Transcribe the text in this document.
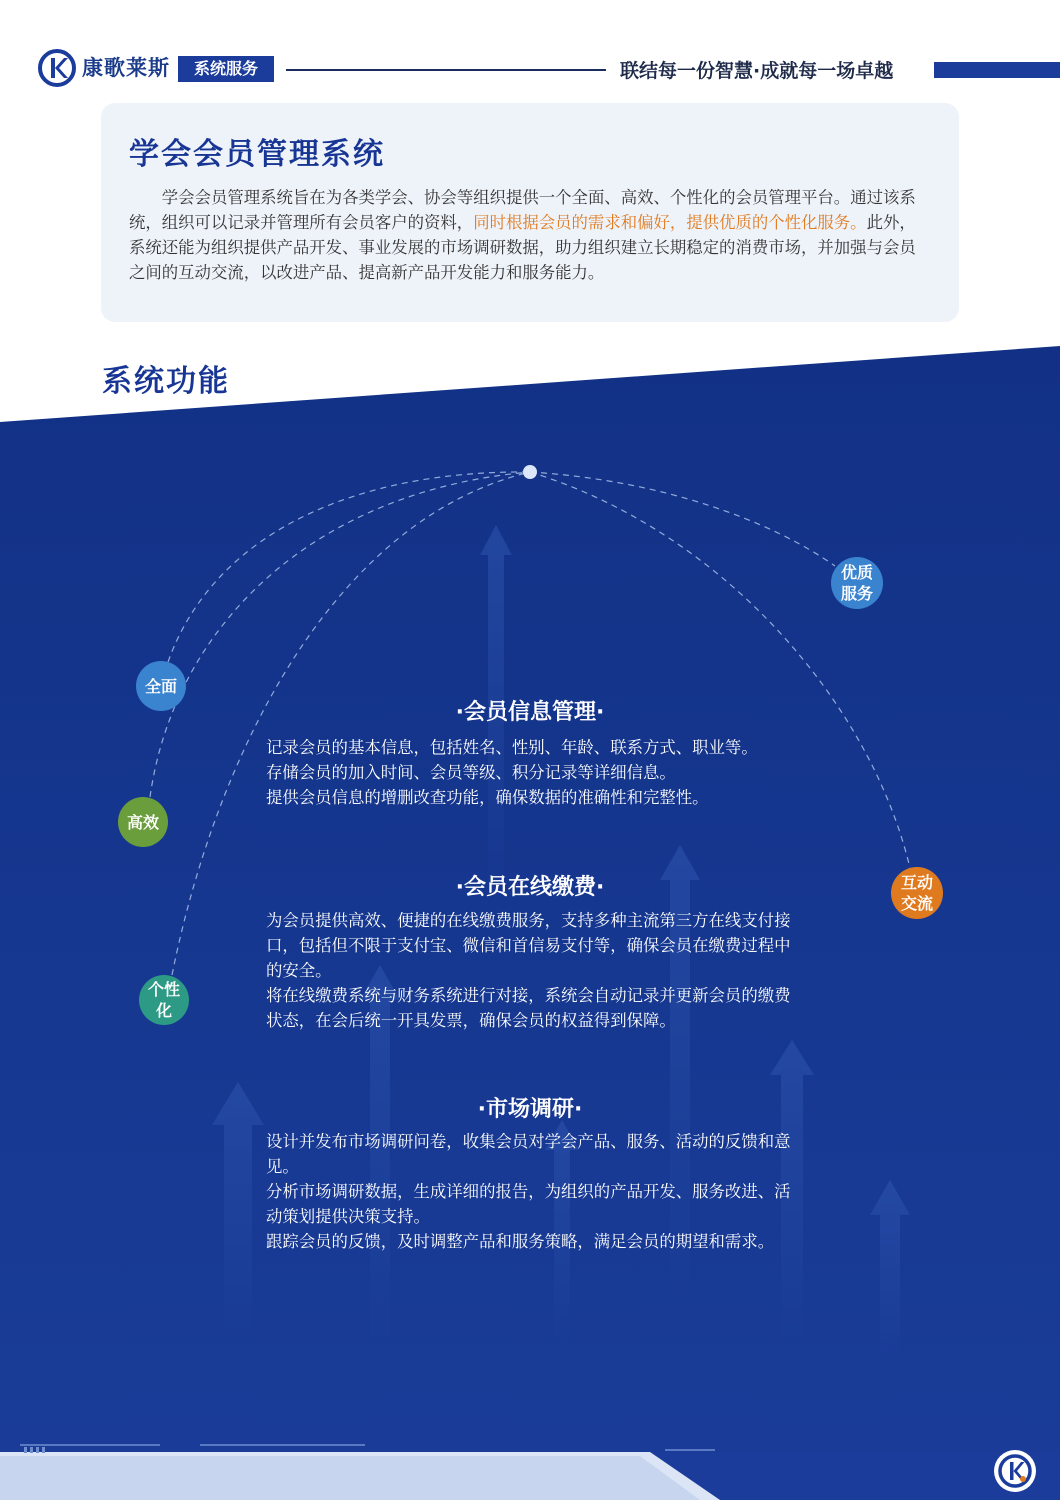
康歌莱斯	系统服务	联结每一份智慧·成就每一场卓越
学会会员管理系统

学会会员管理系统旨在为各类学会、协会等组织提供一个全面、高效、个性化的会员管理平台。通过该系统，组织可以记录并管理所有会员客户的资料，同时根据会员的需求和偏好，提供优质的个性化服务。此外，系统还能为组织提供产品开发、事业发展的市场调研数据，助力组织建立长期稳定的消费市场，并加强与会员之间的互动交流，以改进产品、提高新产品开发能力和服务能力。

系统功能
优质服务
全面
高效
互动交流
个性化
·会员信息管理·

记录会员的基本信息，包括姓名、性别、年龄、联系方式、职业等。

存储会员的加入时间、会员等级、积分记录等详细信息。

提供会员信息的增删改查功能，确保数据的准确性和完整性。

·会员在线缴费·

为会员提供高效、便捷的在线缴费服务，支持多种主流第三方在线支付接口，包括但不限于支付宝、微信和首信易支付等，确保会员在缴费过程中的安全。

将在线缴费系统与财务系统进行对接，系统会自动记录并更新会员的缴费状态，在会后统一开具发票，确保会员的权益得到保障。

·市场调研·

设计并发布市场调研问卷，收集会员对学会产品、服务、活动的反馈和意见。

分析市场调研数据，生成详细的报告，为组织的产品开发、服务改进、活动策划提供决策支持。

跟踪会员的反馈，及时调整产品和服务策略，满足会员的期望和需求。
